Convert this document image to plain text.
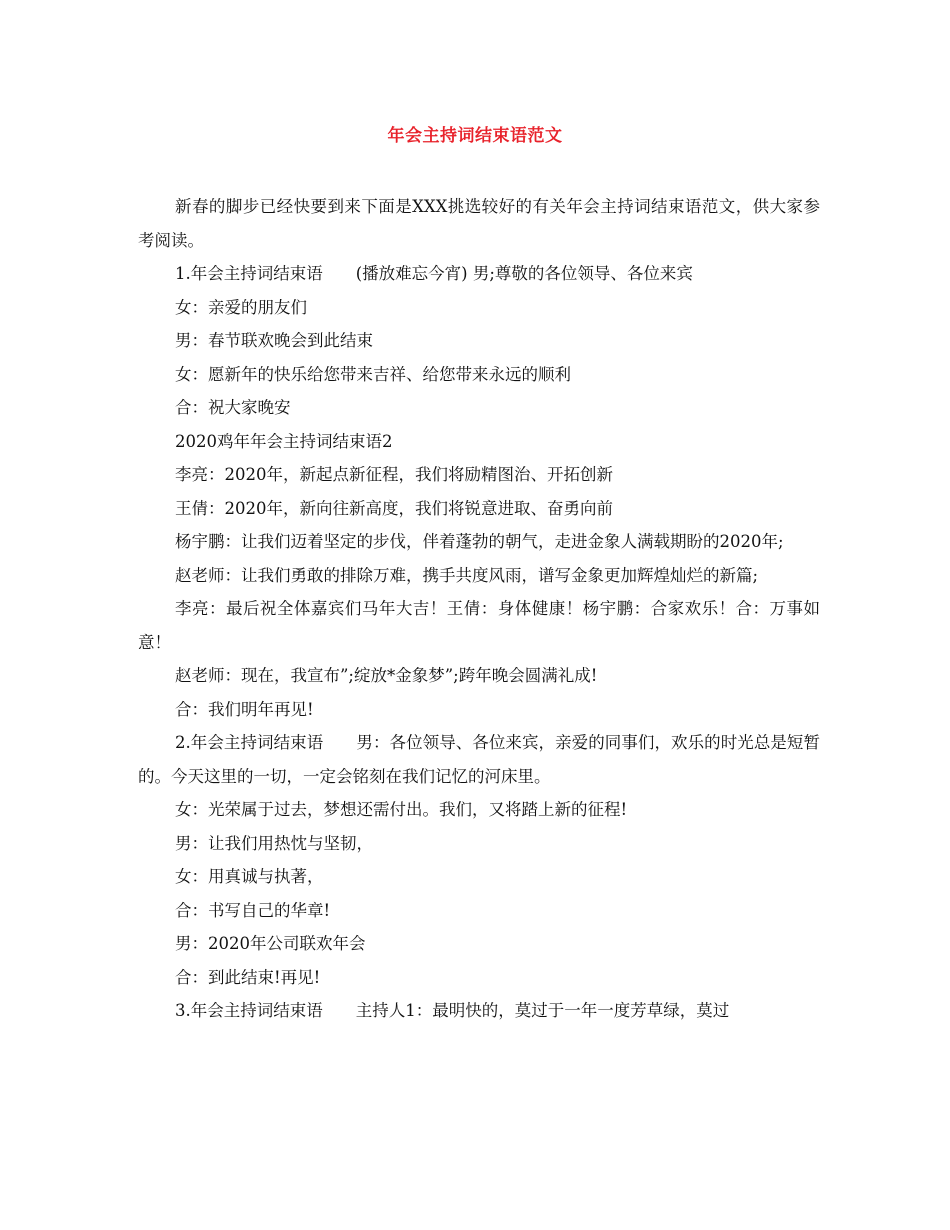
年会主持词结束语范文

新春的脚步已经快要到来下面是XXX挑选较好的有关年会主持词结束语范文，供大家参考阅读。

1.年会主持词结束语　　(播放难忘今宵) 男;尊敬的各位领导、各位来宾

女：亲爱的朋友们

男：春节联欢晚会到此结束

女：愿新年的快乐给您带来吉祥、给您带来永远的顺利

合：祝大家晚安

2020鸡年年会主持词结束语2

李亮：2020年，新起点新征程，我们将励精图治、开拓创新

王倩：2020年，新向往新高度，我们将锐意进取、奋勇向前

杨宇鹏：让我们迈着坚定的步伐，伴着蓬勃的朝气，走进金象人满载期盼的2020年;

赵老师：让我们勇敢的排除万难，携手共度风雨，谱写金象更加辉煌灿烂的新篇;

李亮：最后祝全体嘉宾们马年大吉！王倩：身体健康！杨宇鹏：合家欢乐！合：万事如意！

赵老师：现在，我宣布”;绽放*金象梦”;跨年晚会圆满礼成!

合：我们明年再见!

2.年会主持词结束语　　男：各位领导、各位来宾，亲爱的同事们，欢乐的时光总是短暂的。今天这里的一切，一定会铭刻在我们记忆的河床里。

女：光荣属于过去，梦想还需付出。我们，又将踏上新的征程!

男：让我们用热忱与坚韧，

女：用真诚与执著，

合：书写自己的华章!

男：2020年公司联欢年会

合：到此结束!再见!

3.年会主持词结束语　　主持人1：最明快的，莫过于一年一度芳草绿，莫过
